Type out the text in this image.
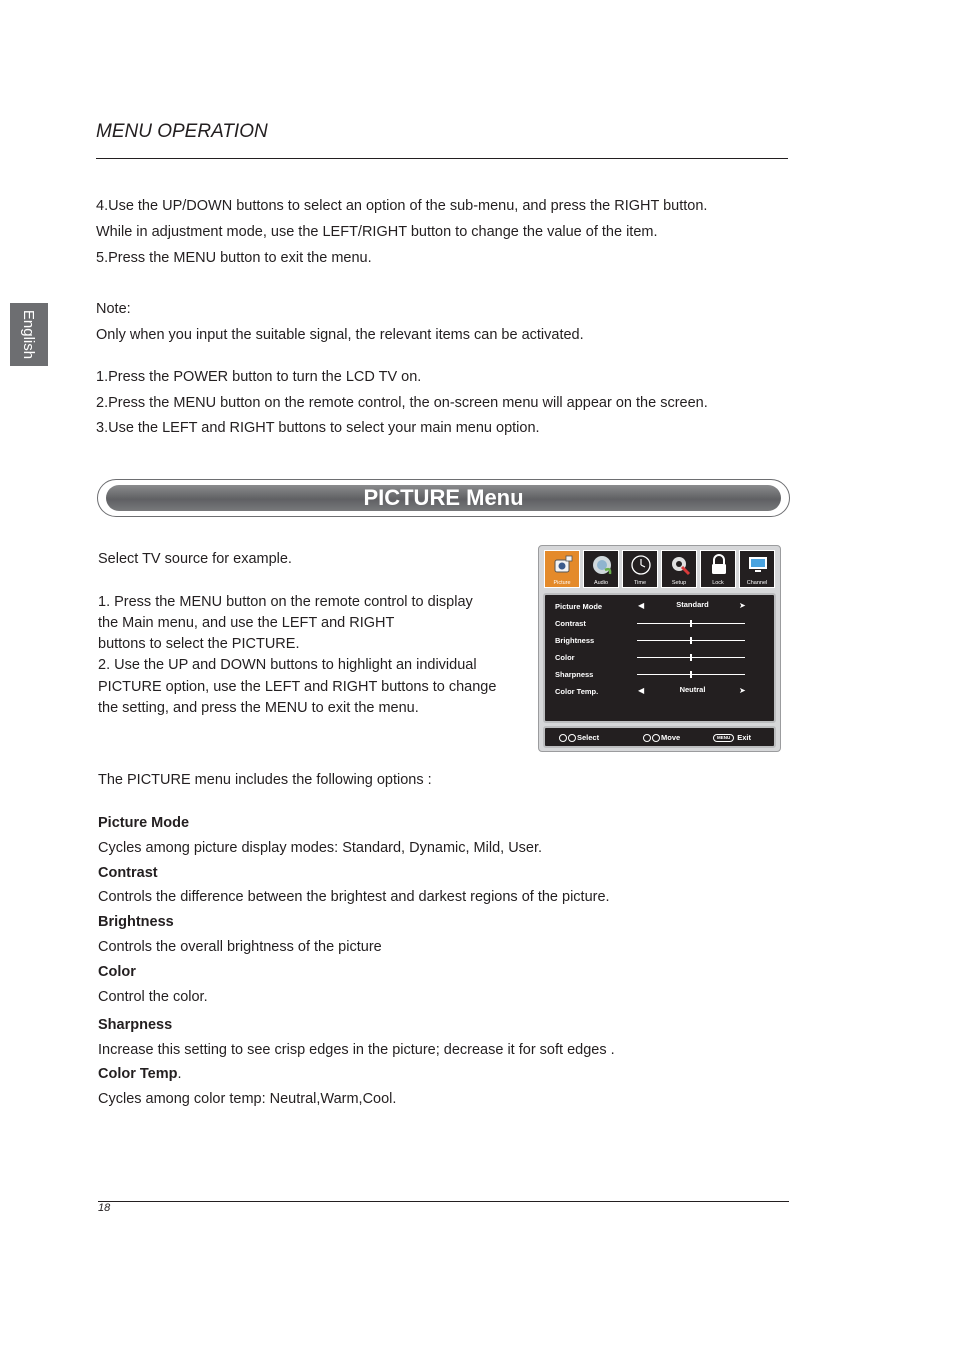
MENU OPERATION
English
4.Use the UP/DOWN buttons to select an option of the sub-menu, and press the RIGHT button.
While in adjustment mode, use the LEFT/RIGHT button to change the value of the item.
5.Press the MENU button to exit the menu.
Note:
Only when you input the suitable signal, the relevant items can be activated.
1.Press the POWER button to turn the LCD TV on.
2.Press the MENU button on the remote control, the on-screen menu will appear on the screen.
3.Use the LEFT and RIGHT buttons to select your main menu option.
PICTURE Menu
Select TV source for example.
1. Press the MENU button on the remote control to display
the Main menu, and use the LEFT and RIGHT
buttons to select the PICTURE.
2. Use the UP and DOWN buttons to highlight an individual
PICTURE option, use the LEFT and RIGHT buttons to change
the setting, and press the MENU to exit the menu.
Picture	Audio	Time	Setup	Lock	Channel
Picture Mode	◀	Standard	➤
Contrast
Brightness
Color
Sharpness
Color Temp.	◀	Neutral	➤
Select	Move	MENU Exit
The PICTURE menu includes the following options :
Picture Mode
Cycles among picture display modes: Standard, Dynamic, Mild, User.
Contrast
Controls the difference between the brightest and darkest regions of the picture.
Brightness
Controls the overall brightness of the picture
Color
Control the color.
Sharpness
Increase this setting to see crisp edges in the picture; decrease it for soft edges .
Color Temp.
Cycles among color temp: Neutral,Warm,Cool.
18
